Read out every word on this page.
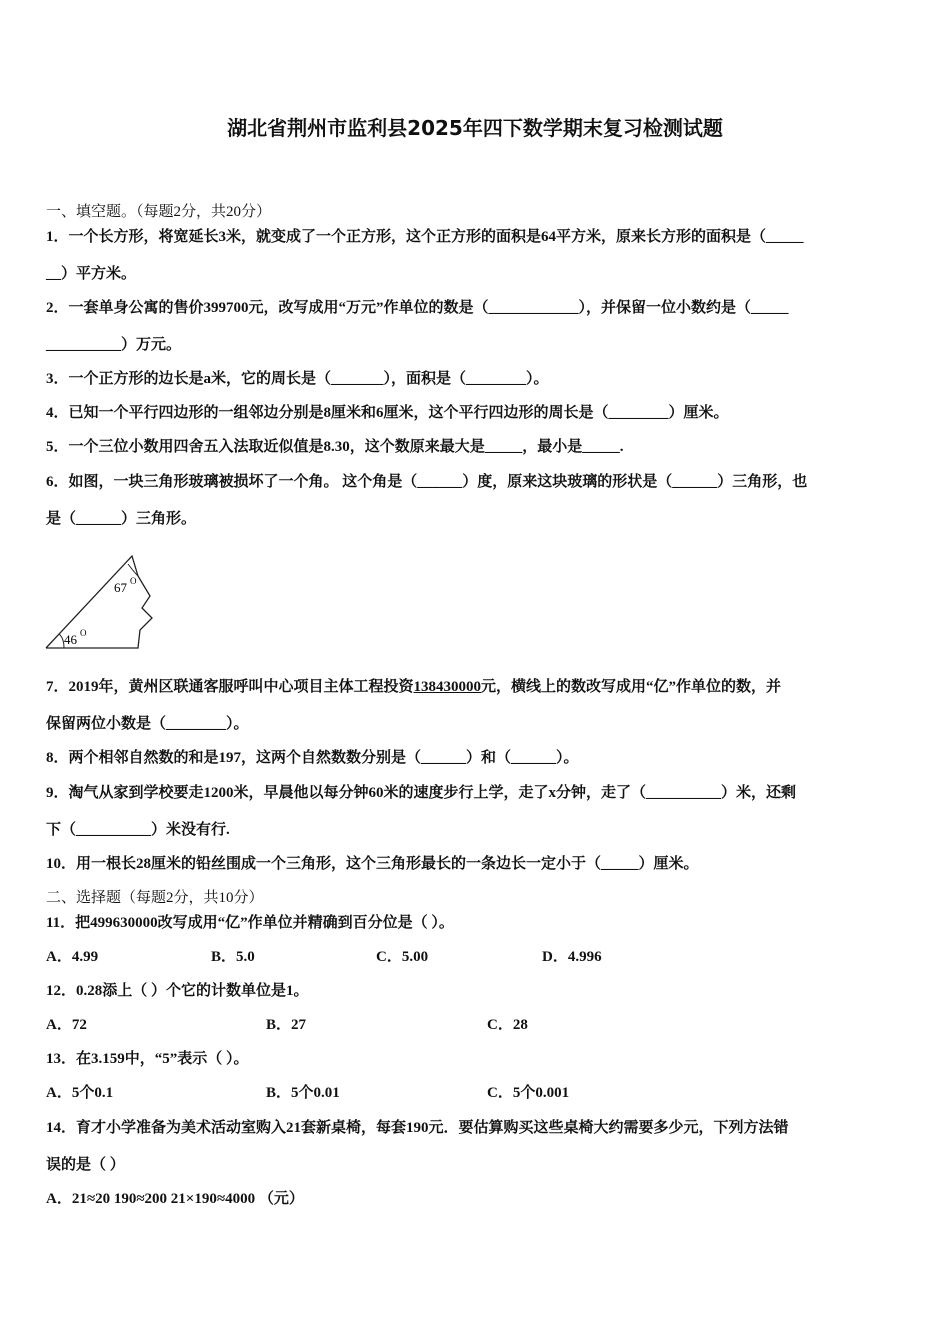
湖北省荆州市监利县2025年四下数学期末复习检测试题
一、填空题。（每题2分，共20分）
1．一个长方形，将宽延长3米，就变成了一个正方形，这个正方形的面积是64平方米，原来长方形的面积是（_____
__）平方米。
2．一套单身公寓的售价399700元，改写成用“万元”作单位的数是（____________），并保留一位小数约是（_____
__________）万元。
3．一个正方形的边长是a米，它的周长是（_______），面积是（________）。
4．已知一个平行四边形的一组邻边分别是8厘米和6厘米，这个平行四边形的周长是（________）厘米。
5．一个三位小数用四舍五入法取近似值是8.30，这个数原来最大是_____，最小是_____.
6．如图，一块三角形玻璃被损坏了一个角。 这个角是（______）度，原来这块玻璃的形状是（______）三角形，也
是（______）三角形。
67 O
46 O
7．2019年，黄州区联通客服呼叫中心项目主体工程投资138430000元，横线上的数改写成用“亿”作单位的数，并
保留两位小数是（________）。
8．两个相邻自然数的和是197，这两个自然数数分别是（______）和（______）。
9．淘气从家到学校要走1200米，早晨他以每分钟60米的速度步行上学，走了x分钟，走了（__________）米，还剩
下（__________）米没有行.
10．用一根长28厘米的铅丝围成一个三角形，这个三角形最长的一条边长一定小于（_____）厘米。
二、选择题（每题2分，共10分）
11．把499630000改写成用“亿”作单位并精确到百分位是（ ）。
A．4.99	B．5.0	C．5.00	D．4.996
12．0.28添上（ ）个它的计数单位是1。
A．72	B．27	C．28
13．在3.159中，“5”表示（ ）。
A．5个0.1	B．5个0.01	C．5个0.001
14．育才小学准备为美术活动室购入21套新桌椅，每套190元．要估算购买这些桌椅大约需要多少元，下列方法错
误的是（ ）
A．21≈20 190≈200 21×190≈4000 （元）
